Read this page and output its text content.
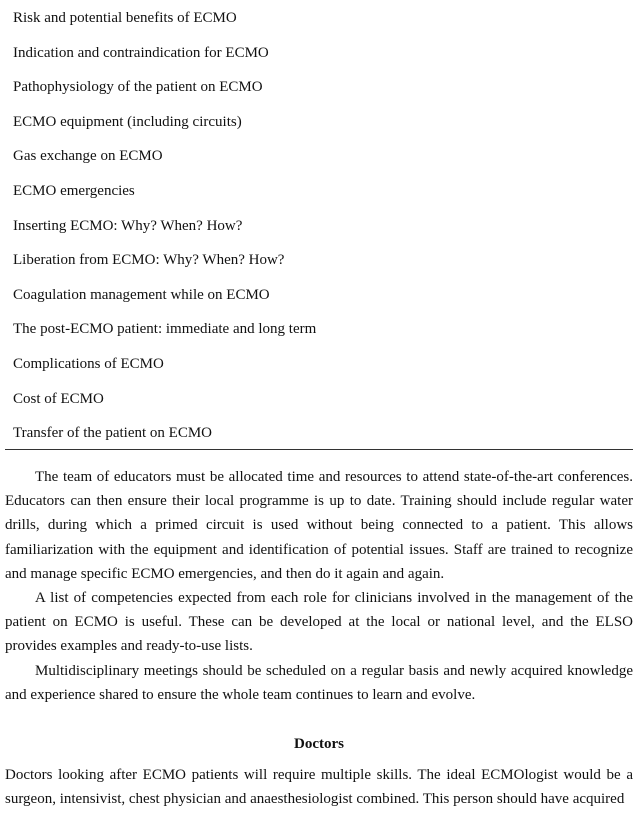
Risk and potential benefits of ECMO
Indication and contraindication for ECMO
Pathophysiology of the patient on ECMO
ECMO equipment (including circuits)
Gas exchange on ECMO
ECMO emergencies
Inserting ECMO: Why? When? How?
Liberation from ECMO: Why? When? How?
Coagulation management while on ECMO
The post-ECMO patient: immediate and long term
Complications of ECMO
Cost of ECMO
Transfer of the patient on ECMO

The team of educators must be allocated time and resources to attend state-of-the-art conferences. Educators can then ensure their local programme is up to date. Training should include regular water drills, during which a primed circuit is used without being connected to a patient. This allows familiarization with the equipment and identification of potential issues. Staff are trained to recognize and manage specific ECMO emergencies, and then do it again and again.

A list of competencies expected from each role for clinicians involved in the management of the patient on ECMO is useful. These can be developed at the local or national level, and the ELSO provides examples and ready-to-use lists.

Multidisciplinary meetings should be scheduled on a regular basis and newly acquired knowledge and experience shared to ensure the whole team continues to learn and evolve.

Doctors

Doctors looking after ECMO patients will require multiple skills. The ideal ECMOlogist would be a surgeon, intensivist, chest physician and anaesthesiologist combined. This person should have acquired
